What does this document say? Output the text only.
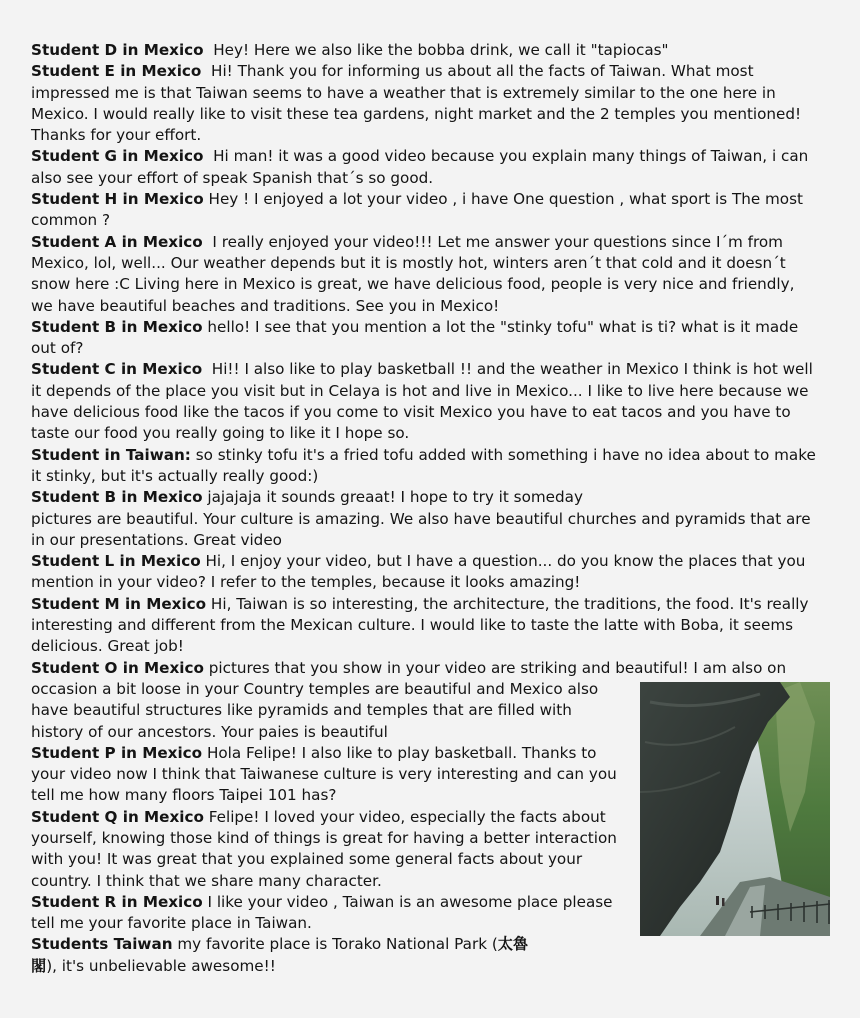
Student D in Mexico  Hey! Here we also like the bobba drink, we call it "tapiocas"

Student E in Mexico  Hi! Thank you for informing us about all the facts of Taiwan. What most impressed me is that Taiwan seems to have a weather that is extremely similar to the one here in Mexico. I would really like to visit these tea gardens, night market and the 2 temples you mentioned! Thanks for your effort.

Student G in Mexico  Hi man! it was a good video because you explain many things of Taiwan, i can also see your effort of speak Spanish that´s so good.

Student H in Mexico Hey ! I enjoyed a lot your video , i have One question , what sport is The most common ?

Student A in Mexico  I really enjoyed your video!!! Let me answer your questions since I´m from Mexico, lol, well... Our weather depends but it is mostly hot, winters aren´t that cold and it doesn´t snow here :C Living here in Mexico is great, we have delicious food, people is very nice and friendly, we have beautiful beaches and traditions. See you in Mexico!

Student B in Mexico hello! I see that you mention a lot the "stinky tofu" what is ti? what is it made out of?

Student C in Mexico  Hi!! I also like to play basketball !! and the weather in Mexico I think is hot well it depends of the place you visit but in Celaya is hot and live in Mexico... I like to live here because we have delicious food like the tacos if you come to visit Mexico you have to eat tacos and you have to taste our food you really going to like it I hope so.

Student in Taiwan: so stinky tofu it's a fried tofu added with something i have no idea about to make it stinky, but it's actually really good:)

Student B in Mexico jajajaja it sounds greaat! I hope to try it someday

pictures are beautiful. Your culture is amazing. We also have beautiful churches and pyramids that are in our presentations. Great video

Student L in Mexico Hi, I enjoy your video, but I have a question... do you know the places that you mention in your video? I refer to the temples, because it looks amazing!

Student M in Mexico Hi, Taiwan is so interesting, the architecture, the traditions, the food. It's really interesting and different from the Mexican culture. I would like to taste the latte with Boba, it seems delicious. Great job!

Student O in Mexico pictures that you show in your video are striking and beautiful! I am also on

occasion a bit loose in your Country temples are beautiful and Mexico also have beautiful structures like pyramids and temples that are filled with history of our ancestors. Your paies is beautiful

Student P in Mexico Hola Felipe! I also like to play basketball. Thanks to your video now I think that Taiwanese culture is very interesting and can you tell me how many floors Taipei 101 has?

Student Q in Mexico Felipe! I loved your video, especially the facts about yourself, knowing those kind of things is great for having a better interaction with you! It was great that you explained some general facts about your country. I think that we share many character.

Student R in Mexico I like your video , Taiwan is an awesome place please tell me your favorite place in Taiwan.

Students Taiwan my favorite place is Torako National Park (太魯閣), it's unbelievable awesome!!
